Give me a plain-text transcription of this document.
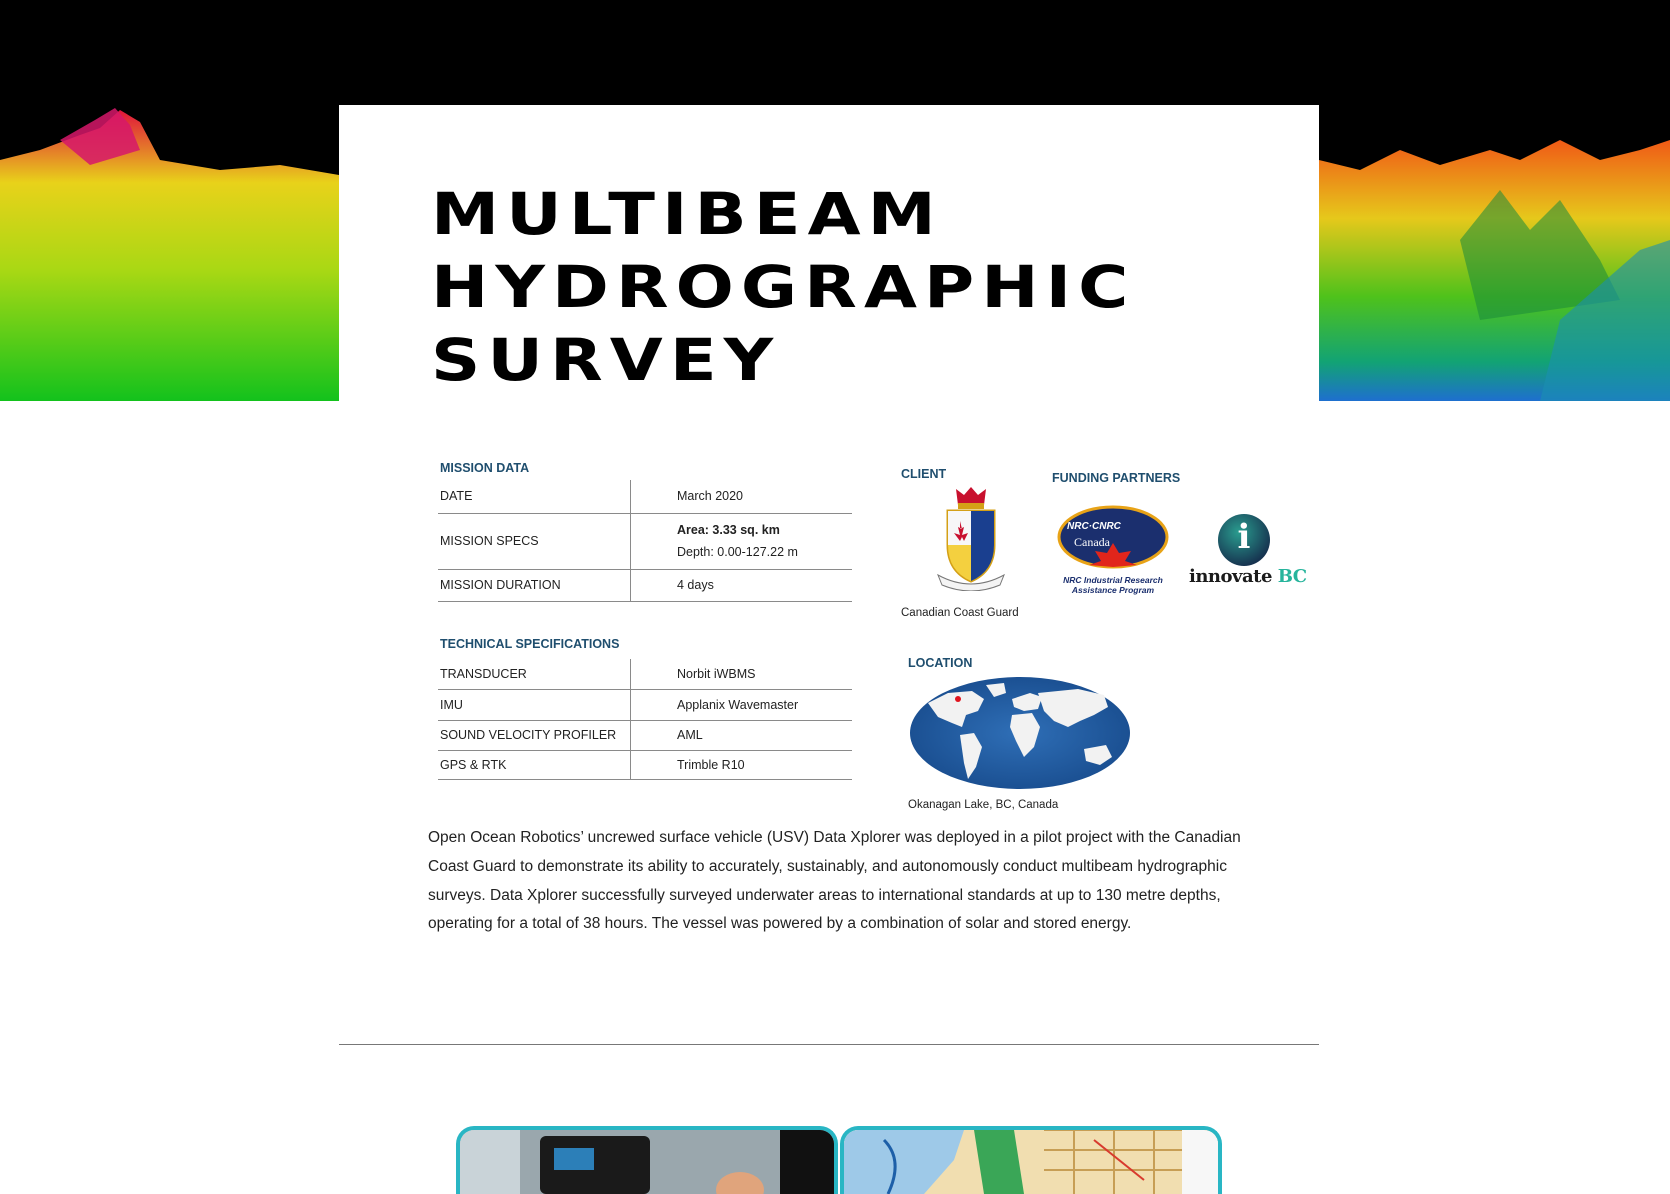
MULTIBEAM
HYDROGRAPHIC
SURVEY
MISSION DATA
DATE	March 2020
MISSION SPECS	Area: 3.33 sq. km
Depth: 0.00-127.22 m

MISSION DURATION	4 days
TECHNICAL SPECIFICATIONS
TRANSDUCER	Norbit iWBMS
IMU	Applanix Wavemaster
SOUND VELOCITY PROFILER	AML
GPS & RTK	Trimble R10
CLIENT
Canadian Coast Guard
FUNDING PARTNERS
NRC·CNRC
Canada
NRC Industrial Research
Assistance Program
i
innovate BC
LOCATION
Okanagan Lake, BC, Canada

Open Ocean Robotics’ uncrewed surface vehicle (USV) Data Xplorer was deployed in a pilot project with the Canadian Coast Guard to demonstrate its ability to accurately, sustainably, and autonomously conduct multibeam hydrographic surveys. Data Xplorer successfully surveyed underwater areas to international standards at up to 130 metre depths, operating for a total of 38 hours. The vessel was powered by a combination of solar and stored energy.
